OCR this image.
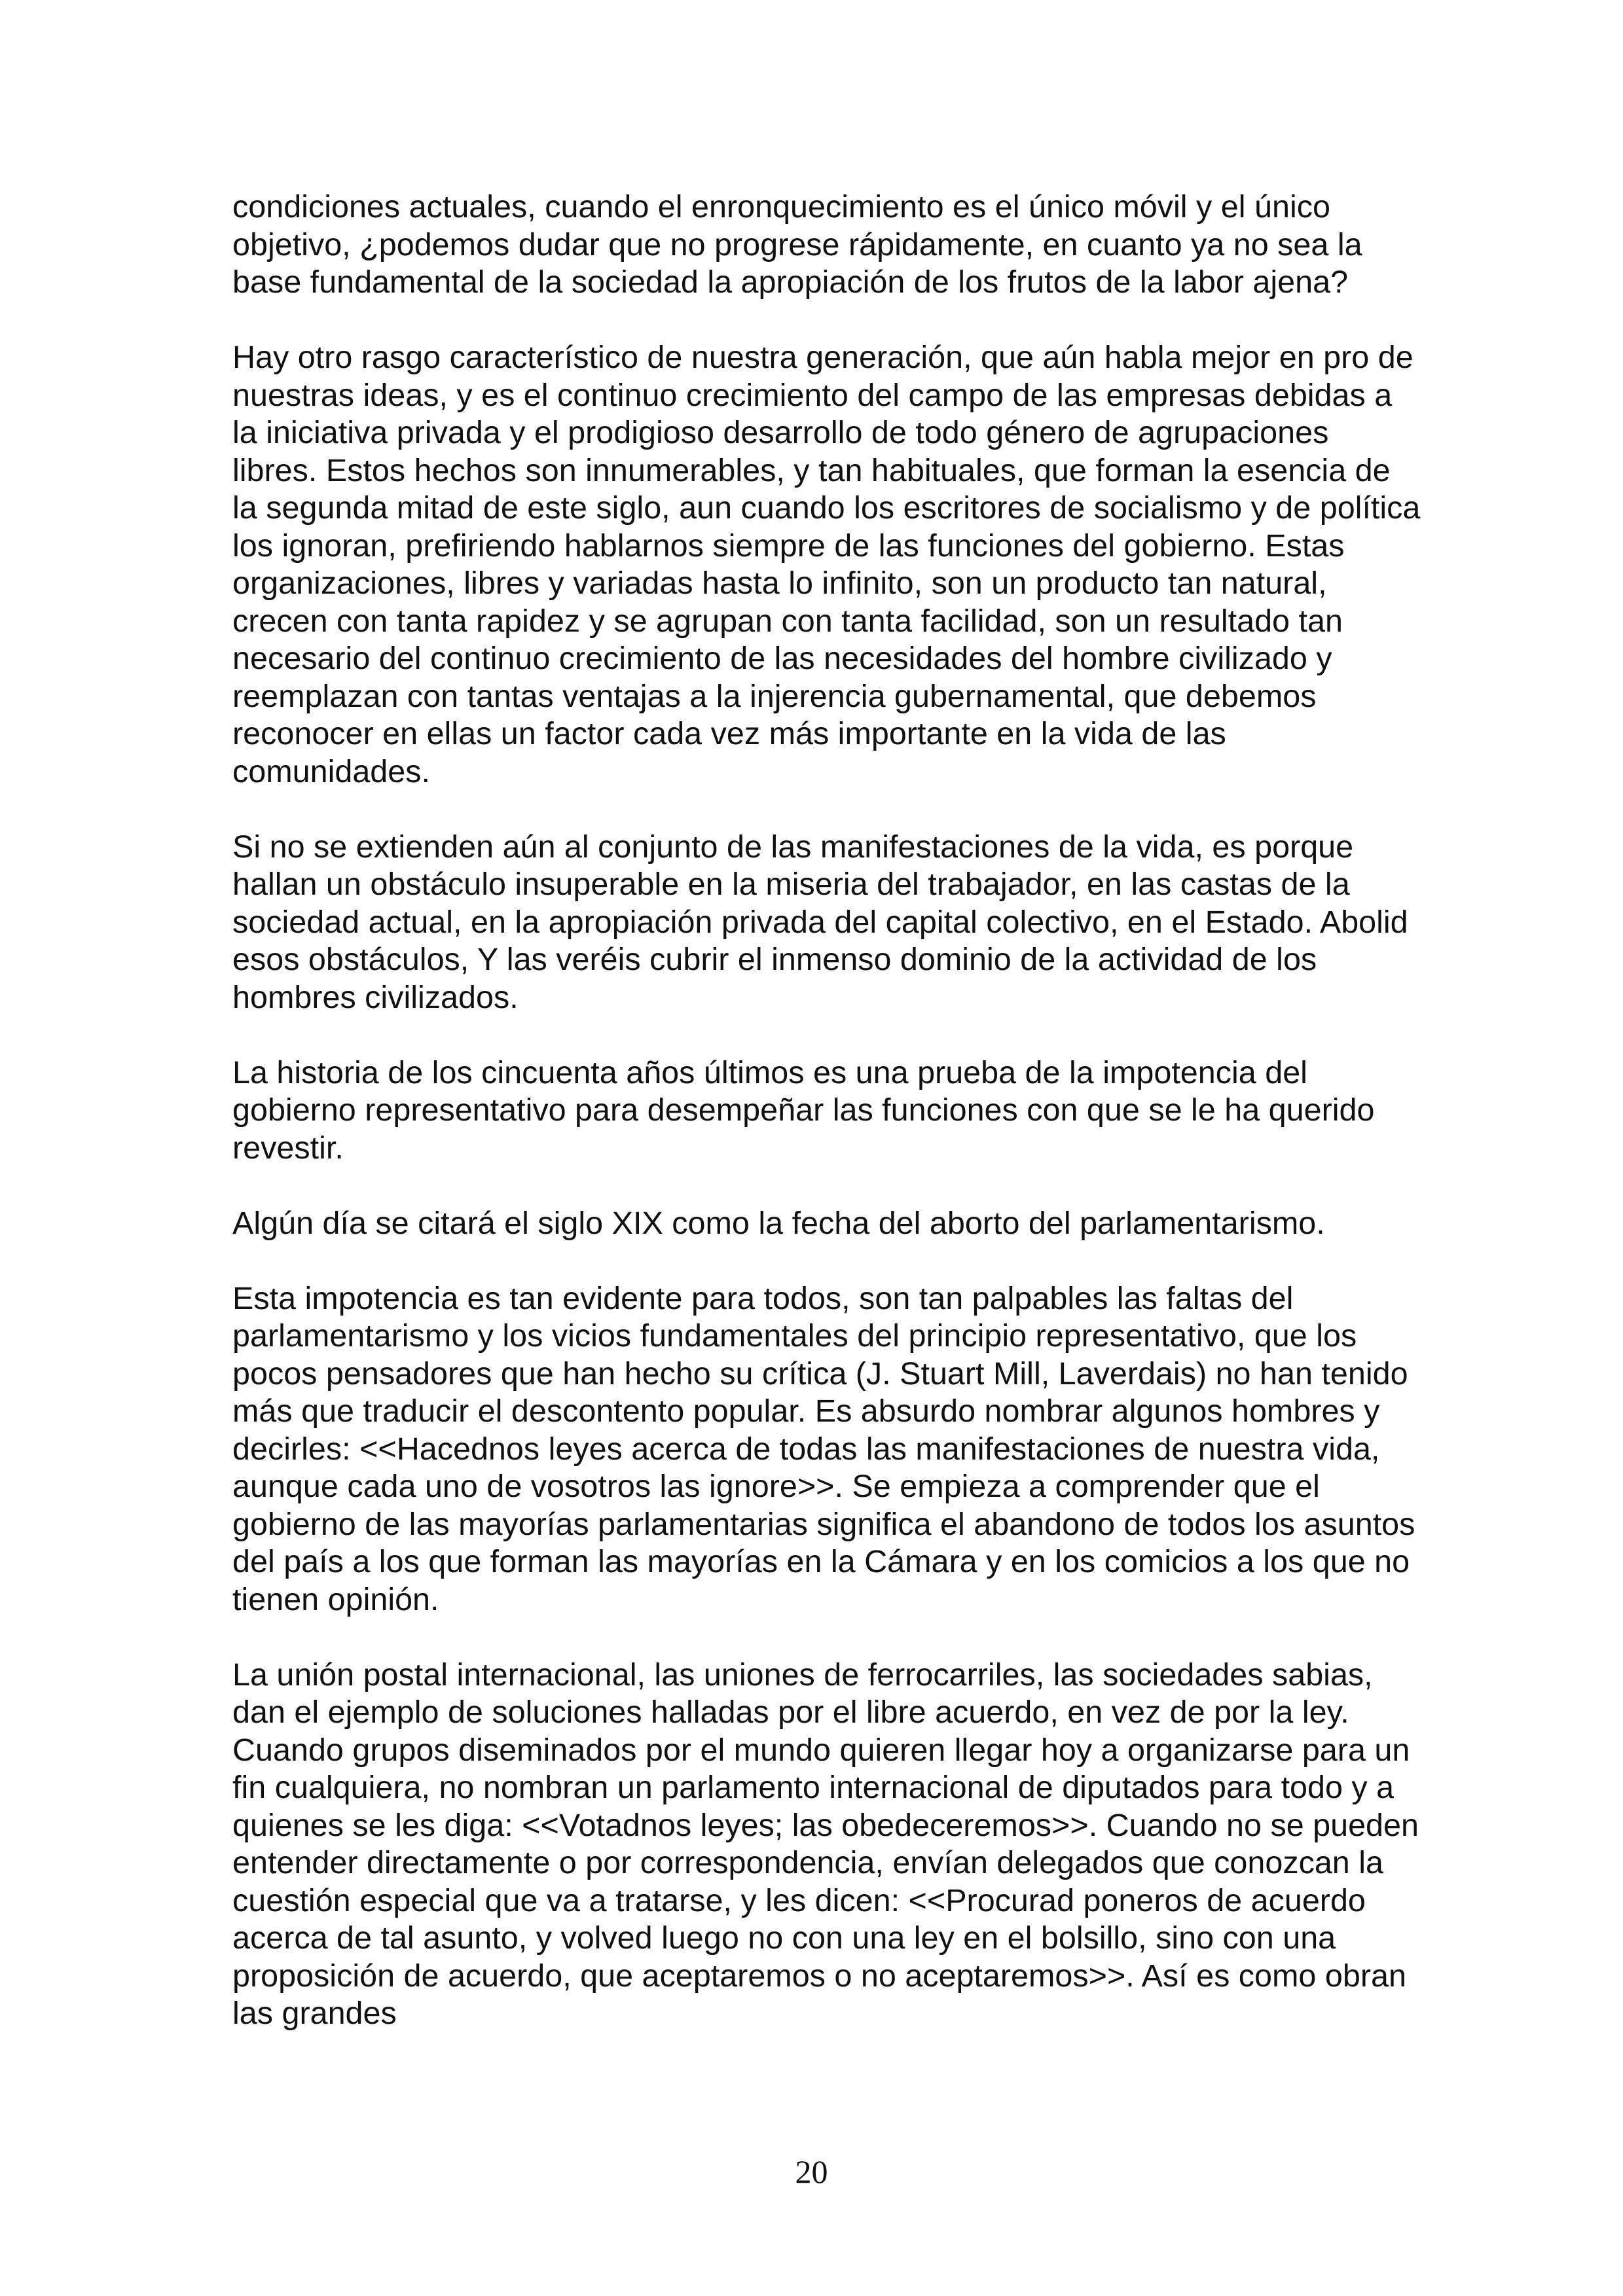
condiciones actuales, cuando el enronquecimiento es el único móvil y el único objetivo, ¿podemos dudar que no progrese rápidamente, en cuanto ya no sea la base fundamental de la sociedad la apropiación de los frutos de la labor ajena?

Hay otro rasgo característico de nuestra generación, que aún habla mejor en pro de nuestras ideas, y es el continuo crecimiento del campo de las empresas debidas a la iniciativa privada y el prodigioso desarrollo de todo género de agrupaciones libres. Estos hechos son innumerables, y tan habituales, que forman la esencia de la segunda mitad de este siglo, aun cuando los escritores de socialismo y de política los ignoran, prefiriendo hablarnos siempre de las funciones del gobierno. Estas organizaciones, libres y variadas hasta lo infinito, son un producto tan natural, crecen con tanta rapidez y se agrupan con tanta facilidad, son un resultado tan necesario del continuo crecimiento de las necesidades del hombre civilizado y reemplazan con tantas ventajas a la injerencia gubernamental, que debemos reconocer en ellas un factor cada vez más importante en la vida de las comunidades.

Si no se extienden aún al conjunto de las manifestaciones de la vida, es porque hallan un obstáculo insuperable en la miseria del trabajador, en las castas de la sociedad actual, en la apropiación privada del capital colectivo, en el Estado. Abolid esos obstáculos, Y las veréis cubrir el inmenso dominio de la actividad de los hombres civilizados.

La historia de los cincuenta años últimos es una prueba de la impotencia del gobierno representativo para desempeñar las funciones con que se le ha querido revestir.

Algún día se citará el siglo XIX como la fecha del aborto del parlamentarismo.

Esta impotencia es tan evidente para todos, son tan palpables las faltas del parlamentarismo y los vicios fundamentales del principio representativo, que los pocos pensadores que han hecho su crítica (J. Stuart Mill, Laverdais) no han tenido más que traducir el descontento popular. Es absurdo nombrar algunos hombres y decirles: <<Hacednos leyes acerca de todas las manifestaciones de nuestra vida, aunque cada uno de vosotros las ignore>>. Se empieza a comprender que el gobierno de las mayorías parlamentarias significa el abandono de todos los asuntos del país a los que forman las mayorías en la Cámara y en los comicios a los que no tienen opinión.

La unión postal internacional, las uniones de ferrocarriles, las sociedades sabias, dan el ejemplo de soluciones halladas por el libre acuerdo, en vez de por la ley. Cuando grupos diseminados por el mundo quieren llegar hoy a organizarse para un fin cualquiera, no nombran un parlamento internacional de diputados para todo y a quienes se les diga: <<Votadnos leyes; las obedeceremos>>. Cuando no se pueden entender directamente o por correspondencia, envían delegados que conozcan la cuestión especial que va a tratarse, y les dicen: <<Procurad poneros de acuerdo acerca de tal asunto, y volved luego no con una ley en el bolsillo, sino con una proposición de acuerdo, que aceptaremos o no aceptaremos>>. Así es como obran las grandes

20
